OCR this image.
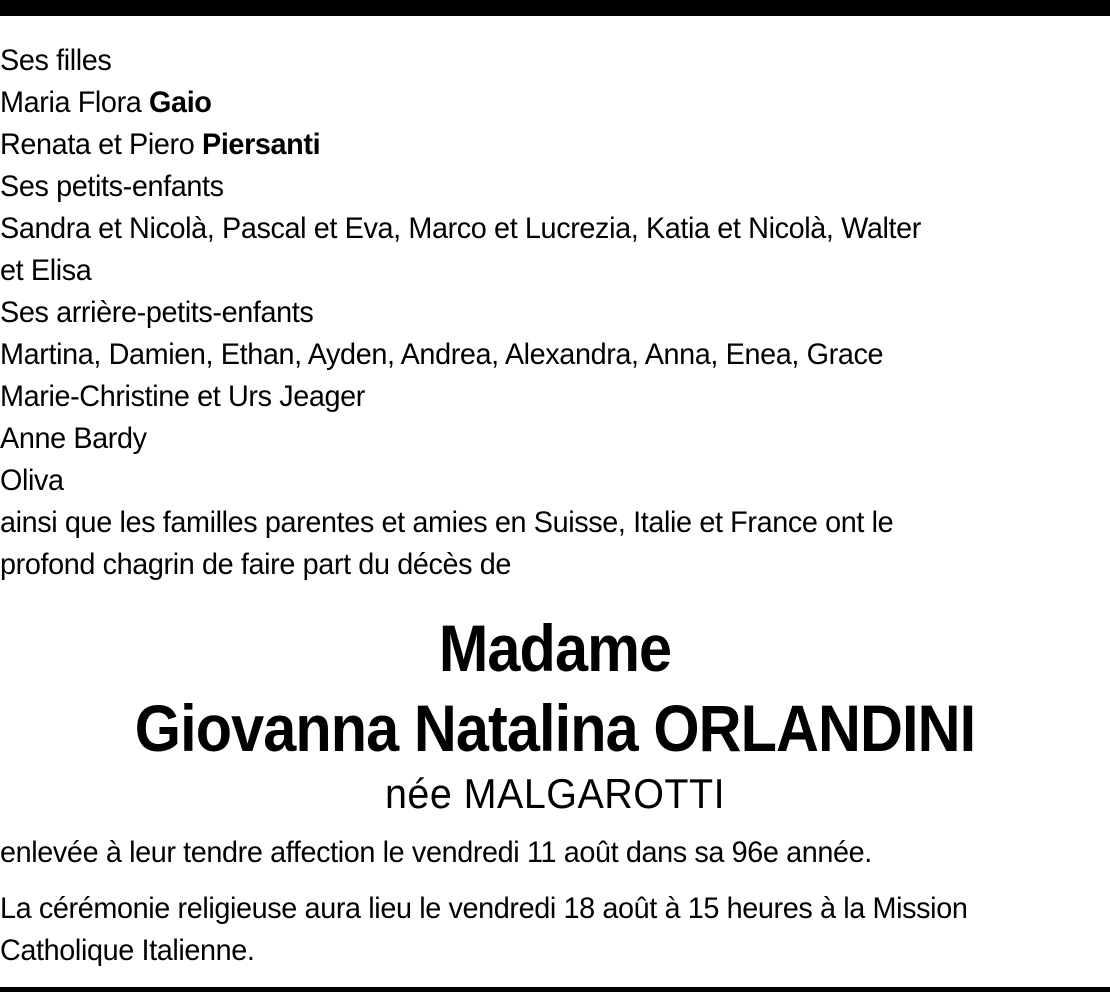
Ses filles
Maria Flora Gaio
Renata et Piero Piersanti
Ses petits-enfants
Sandra et Nicolà, Pascal et Eva, Marco et Lucrezia, Katia et Nicolà, Walter
et Elisa
Ses arrière-petits-enfants
Martina, Damien, Ethan, Ayden, Andrea, Alexandra, Anna, Enea, Grace
Marie-Christine et Urs Jeager
Anne Bardy
Oliva
ainsi que les familles parentes et amies en Suisse, Italie et France ont le
profond chagrin de faire part du décès de
Madame
Giovanna Natalina ORLANDINI
née MALGAROTTI
enlevée à leur tendre affection le vendredi 11 août dans sa 96e année.
La cérémonie religieuse aura lieu le vendredi 18 août à 15 heures à la Mission
Catholique Italienne.
